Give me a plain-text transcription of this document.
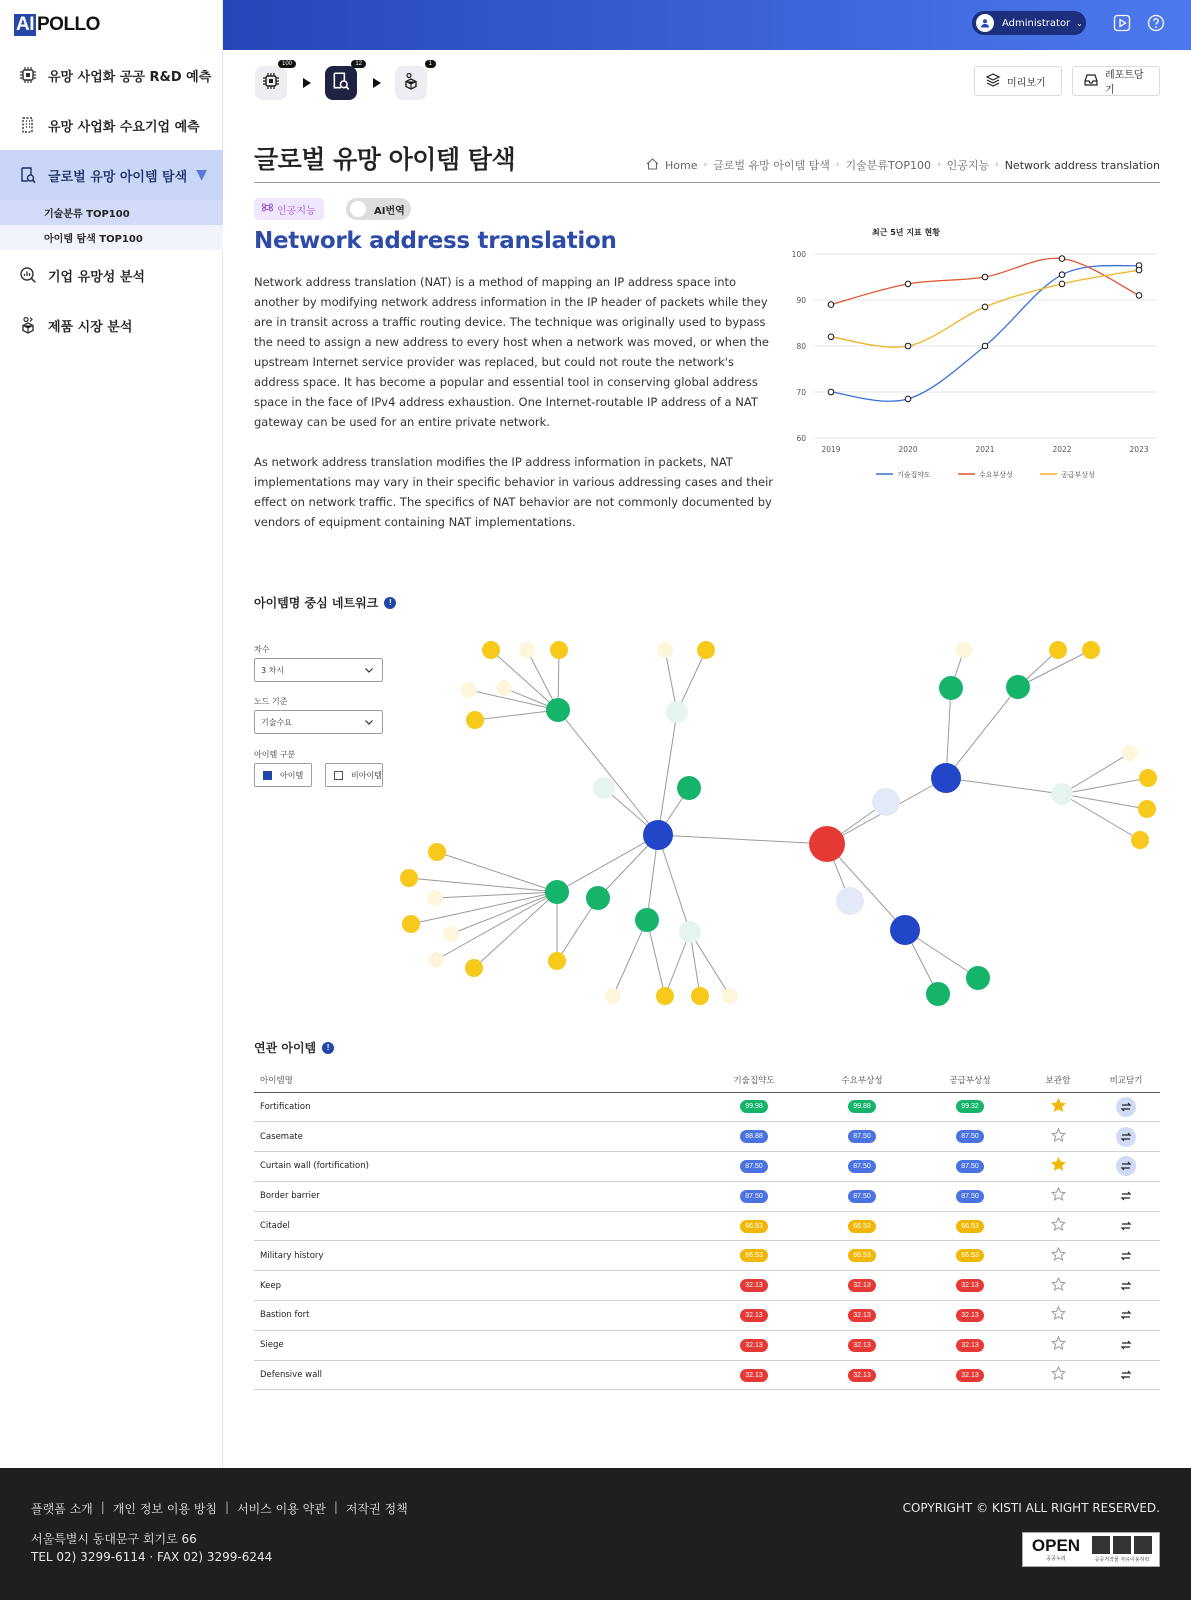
AI POLLO
유망 사업화 공공 R&D 예측
유망 사업화 수요기업 예측
글로벌 유망 아이템 탐색 ▼
기술분류 TOP100
아이템 탐색 TOP100
기업 유망성 분석
제품 시장 분석
Administrator ⌄
100	12	1
미리보기
레포트담기
글로벌 유망 아이템 탐색	Home › 글로벌 유망 아이템 탐색 › 기술분류TOP100 › 인공지능 › Network address translation
인공지능	AI번역
Network address translation

Network address translation (NAT) is a method of mapping an IP address space into another by modifying network address information in the IP header of packets while they are in transit across a traffic routing device. The technique was originally used to bypass the need to assign a new address to every host when a network was moved, or when the upstream Internet service provider was replaced, but could not route the network's address space. It has become a popular and essential tool in conserving global address space in the face of IPv4 address exhaustion. One Internet-routable IP address of a NAT gateway can be used for an entire private network.

As network address translation modifies the IP address information in packets, NAT implementations may vary in their specific behavior in various addressing cases and their effect on network traffic. The specifics of NAT behavior are not commonly documented by vendors of equipment containing NAT implementations.

최근 5년 지표 현황
60
70
80
90
100
2019	2020	2021	2022	2023
기술집약도	수요부상성	공급부상성
아이템명 중심 네트워크	!
차수
3 차시
노드 기준
기술수요
아이템 구분
아이템	비아이템
연관 아이템	!
아이템명	기술집약도	수요부상성	공급부상성	보관함	비교담기
Fortification	99.98	99.88	99.32		

Casemate	88.88	87.50	87.50		

Curtain wall (fortification)	87.50	87.50	87.50		

Border barrier	87.50	87.50	87.50		

Citadel	66.53	66.53	66.53		

Military history	66.53	66.53	66.53		

Keep	32.13	32.13	32.13		

Bastion fort	32.13	32.13	32.13		

Siege	32.13	32.13	32.13		

Defensive wall	32.13	32.13	32.13		
플랫폼 소개 | 개인 정보 이용 방침 | 서비스 이용 약관 | 저작권 정책
서울특별시 동대문구 회기로 66
TEL 02) 3299-6114 · FAX 02) 3299-6244
COPYRIGHT © KISTI ALL RIGHT RESERVED.
OPEN
공공누리	공공저작물 자유이용허락
